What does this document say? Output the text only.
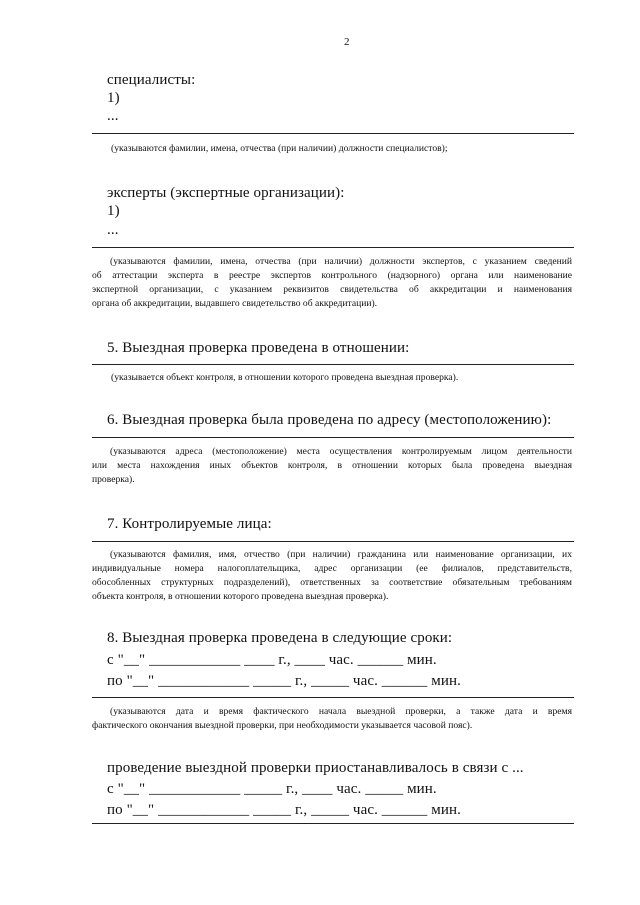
2
специалисты:
1)
...
(указываются фамилии, имена, отчества (при наличии) должности специалистов);
эксперты (экспертные организации):
1)
...
(указываются фамилии, имена, отчества (при наличии) должности экспертов, с указанием сведений
об аттестации эксперта в реестре экспертов контрольного (надзорного) органа или наименование
экспертной организации, с указанием реквизитов свидетельства об аккредитации и наименования
органа об аккредитации, выдавшего свидетельство об аккредитации).
5. Выездная проверка проведена в отношении:
(указывается объект контроля, в отношении которого проведена выездная проверка).
6. Выездная проверка была проведена по адресу (местоположению):
(указываются адреса (местоположение) места осуществления контролируемым лицом деятельности
или места нахождения иных объектов контроля, в отношении которых была проведена выездная
проверка).
7. Контролируемые лица:
(указываются фамилия, имя, отчество (при наличии) гражданина или наименование организации, их
индивидуальные номера налогоплательщика, адрес организации (ее филиалов, представительств,
обособленных структурных подразделений), ответственных за соответствие обязательным требованиям
объекта контроля, в отношении которого проведена выездная проверка).
8. Выездная проверка проведена в следующие сроки:
с "__" ____________ ____ г., ____ час. ______ мин.
по "__" ____________ _____ г., _____ час. ______ мин.
(указываются дата и время фактического начала выездной проверки, а также дата и время
фактического окончания выездной проверки, при необходимости указывается часовой пояс).
проведение выездной проверки приостанавливалось в связи с ...
с "__" ____________ _____ г., ____ час. _____ мин.
по "__" ____________ _____ г., _____ час. ______ мин.
